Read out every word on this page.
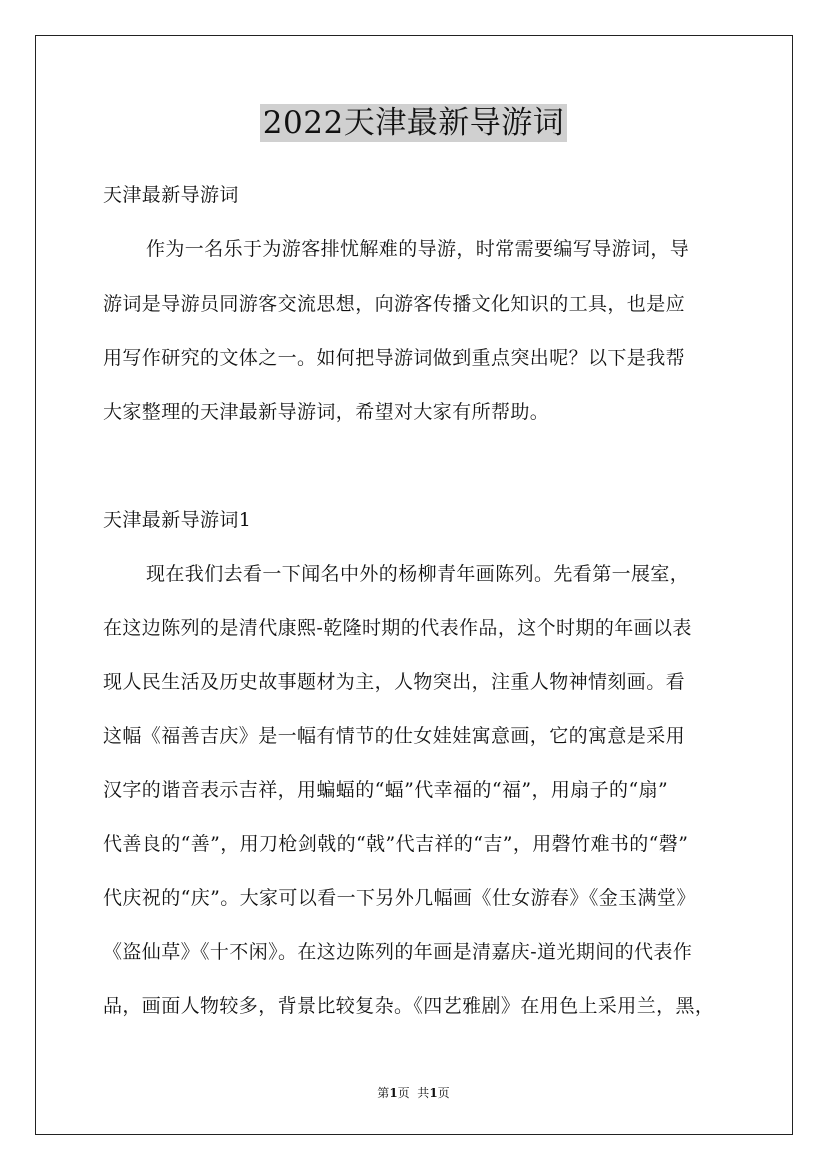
2022天津最新导游词
天津最新导游词
作为一名乐于为游客排忧解难的导游，时常需要编写导游词，导
游词是导游员同游客交流思想，向游客传播文化知识的工具，也是应
用写作研究的文体之一。如何把导游词做到重点突出呢？以下是我帮
大家整理的天津最新导游词，希望对大家有所帮助。
天津最新导游词1
现在我们去看一下闻名中外的杨柳青年画陈列。先看第一展室，
在这边陈列的是清代康熙-乾隆时期的代表作品，这个时期的年画以表
现人民生活及历史故事题材为主，人物突出，注重人物神情刻画。看
这幅《福善吉庆》是一幅有情节的仕女娃娃寓意画，它的寓意是采用
汉字的谐音表示吉祥，用蝙蝠的“蝠”代幸福的“福”，用扇子的“扇”
代善良的“善”，用刀枪剑戟的“戟”代吉祥的“吉”，用磬竹难书的“磬”
代庆祝的“庆”。大家可以看一下另外几幅画《仕女游春》《金玉满堂》
《盗仙草》《十不闲》。在这边陈列的年画是清嘉庆-道光期间的代表作
品，画面人物较多，背景比较复杂。《四艺雅剧》在用色上采用兰，黑，
第1页  共1页
